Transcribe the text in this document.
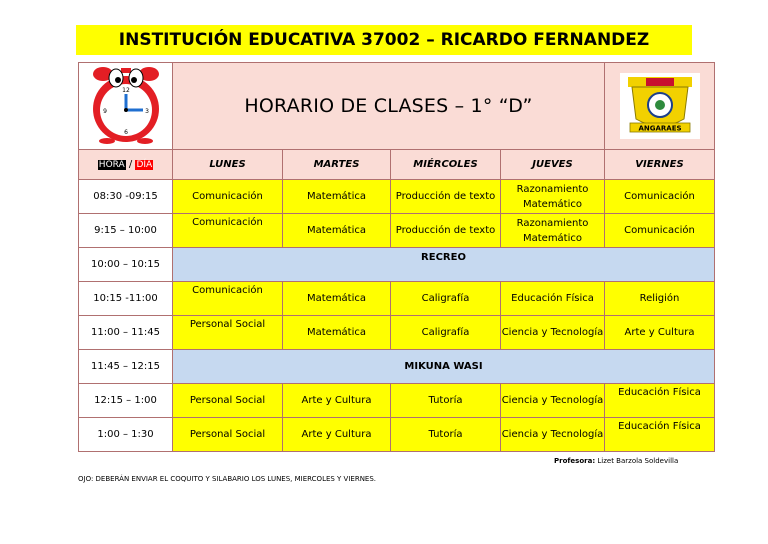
INSTITUCIÓN EDUCATIVA 37002 – RICARDO FERNANDEZ
12
3
6
9	HORARIO DE CLASES – 1° “D”				ANGARAES

HORA / DÍA	LUNES	MARTES	MIÉRCOLES	JUEVES	VIERNES
08:30 -09:15	Comunicación	Matemática	Producción de texto	Razonamiento Matemático	Comunicación
9:15 – 10:00	Comunicación	Matemática	Producción de texto	Razonamiento Matemático	Comunicación
10:00 – 10:15	RECREO				
10:15 -11:00	Comunicación	Matemática	Caligrafía	Educación Física	Religión
11:00 – 11:45	Personal Social	Matemática	Caligrafía	Ciencia y Tecnología	Arte y Cultura
11:45 – 12:15	MIKUNA WASI				
12:15 – 1:00	Personal Social	Arte y Cultura	Tutoría	Ciencia y Tecnología	Educación Física
1:00 – 1:30	Personal Social	Arte y Cultura	Tutoría	Ciencia y Tecnología	Educación Física
Profesora: Lizet Barzola Soldevilla
OJO: DEBERÁN ENVIAR EL COQUITO Y SILABARIO LOS LUNES, MIERCOLES Y VIERNES.
